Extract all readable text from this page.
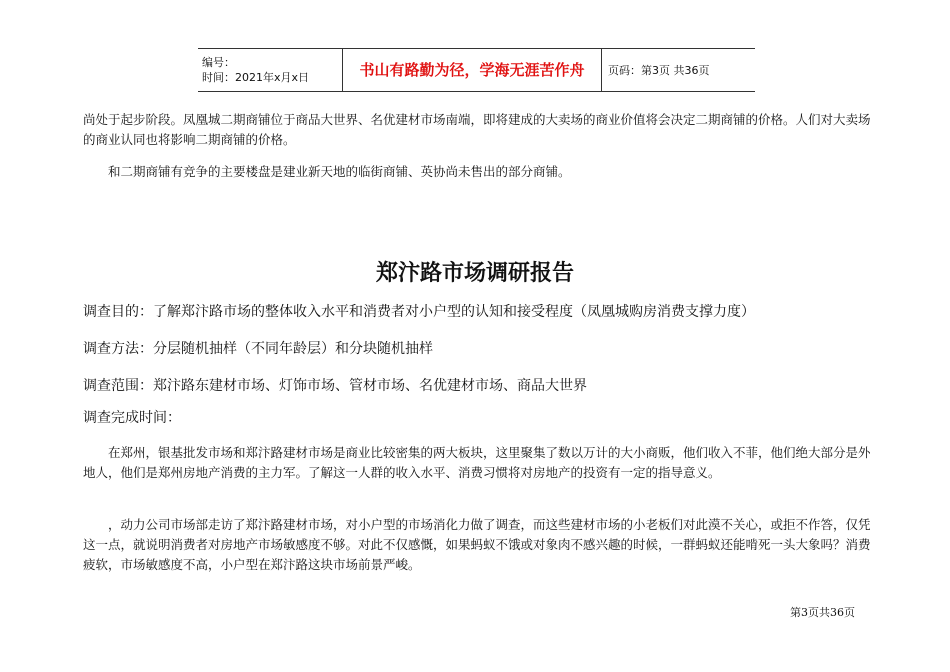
编号：
时间：2021年x月x日	书山有路勤为径，学海无涯苦作舟 页码：第3页 共36页

尚处于起步阶段。凤凰城二期商铺位于商品大世界、名优建材市场南端，即将建成的大卖场的商业价值将会决定二期商铺的价格。人们对大卖场的商业认同也将影响二期商铺的价格。

和二期商铺有竞争的主要楼盘是建业新天地的临街商铺、英协尚未售出的部分商铺。

郑汴路市场调研报告
调查目的：了解郑汴路市场的整体收入水平和消费者对小户型的认知和接受程度（凤凰城购房消费支撑力度）
调查方法：分层随机抽样（不同年龄层）和分块随机抽样
调查范围：郑汴路东建材市场、灯饰市场、管材市场、名优建材市场、商品大世界
调查完成时间：

在郑州，银基批发市场和郑汴路建材市场是商业比较密集的两大板块，这里聚集了数以万计的大小商贩，他们收入不菲，他们绝大部分是外地人，他们是郑州房地产消费的主力军。了解这一人群的收入水平、消费习惯将对房地产的投资有一定的指导意义。

，动力公司市场部走访了郑汴路建材市场，对小户型的市场消化力做了调查，而这些建材市场的小老板们对此漠不关心，或拒不作答，仅凭这一点，就说明消费者对房地产市场敏感度不够。对此不仅感慨，如果蚂蚁不饿或对象肉不感兴趣的时候，一群蚂蚁还能啃死一头大象吗？消费疲软，市场敏感度不高，小户型在郑汴路这块市场前景严峻。

第3页共36页
